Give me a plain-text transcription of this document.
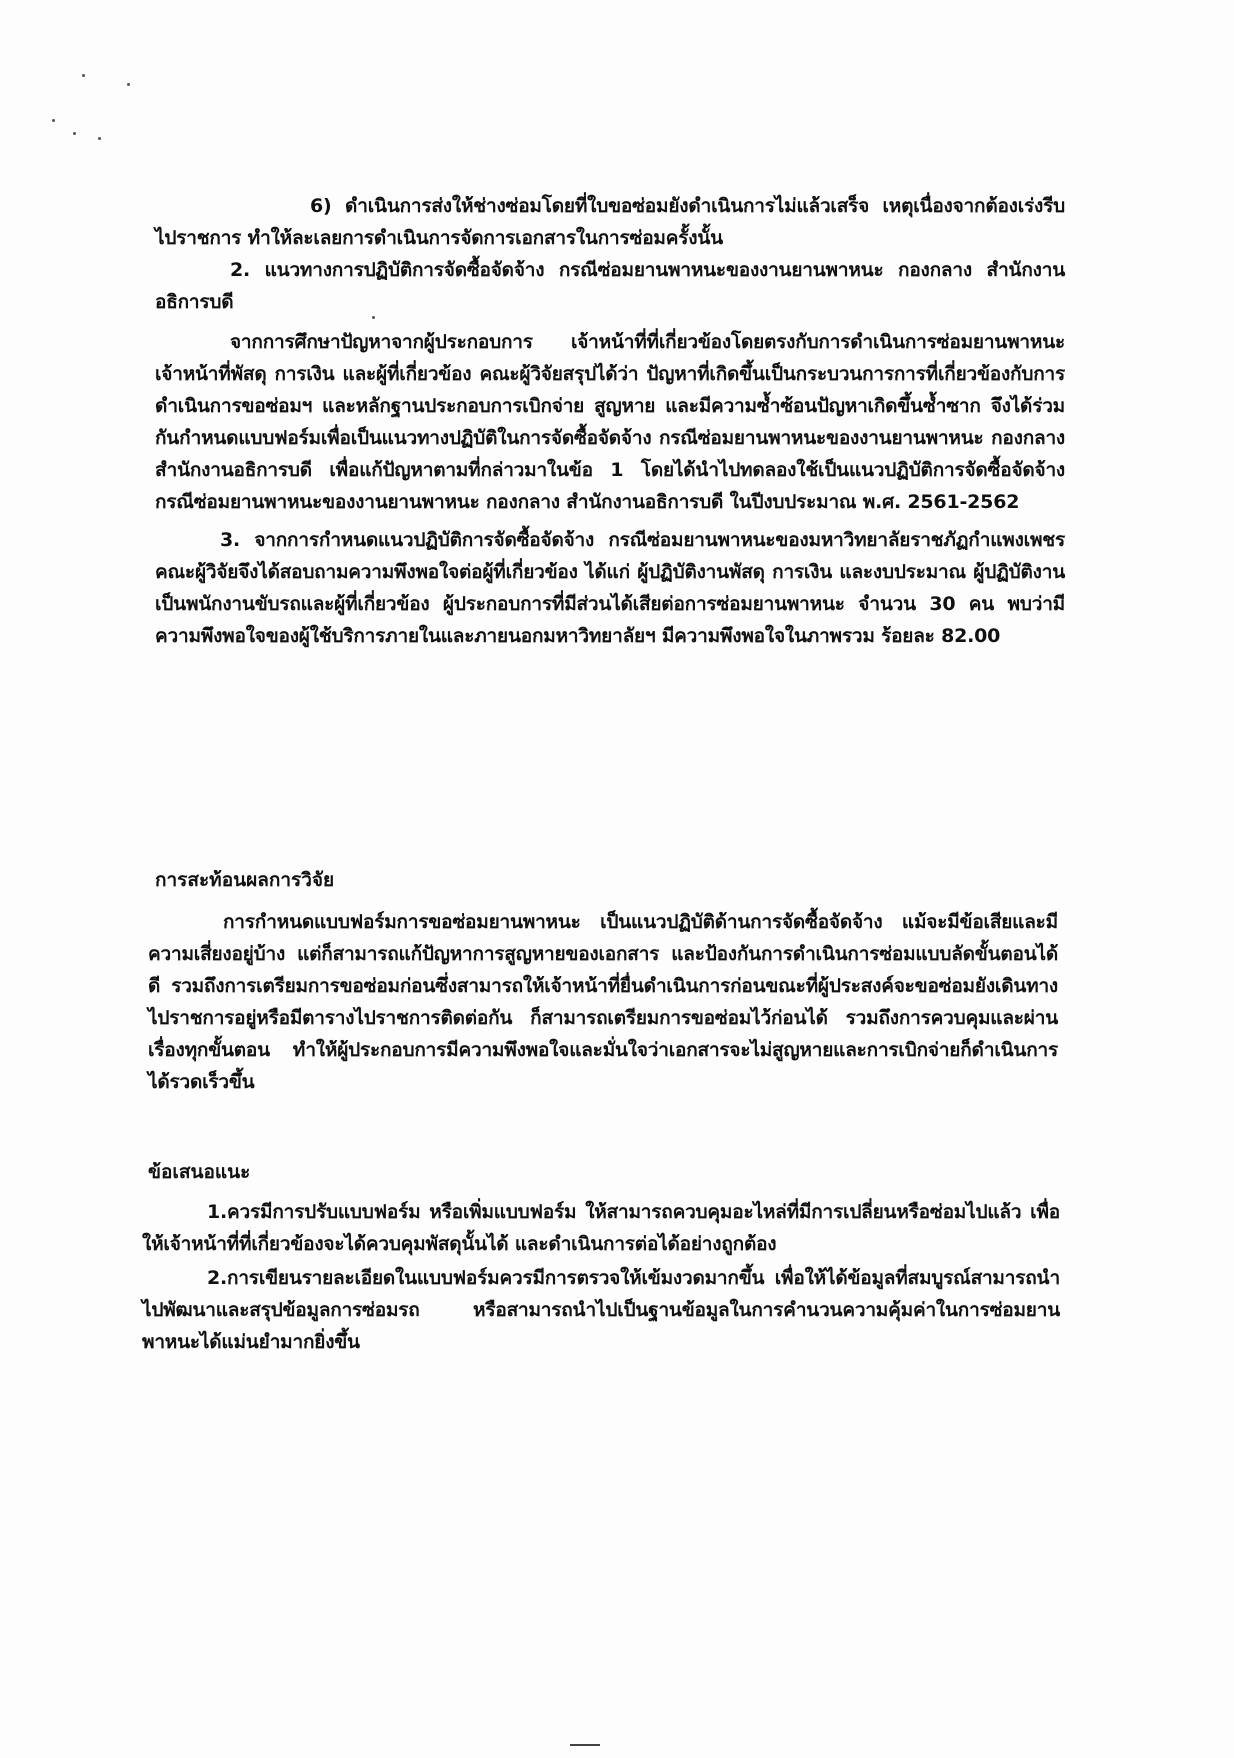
6) ดำเนินการส่งให้ช่างซ่อมโดยที่ใบขอซ่อมยังดำเนินการไม่แล้วเสร็จ เหตุเนื่องจากต้องเร่งรีบไปราชการ ทำให้ละเลยการดำเนินการจัดการเอกสารในการซ่อมครั้งนั้น

2. แนวทางการปฏิบัติการจัดซื้อจัดจ้าง กรณีซ่อมยานพาหนะของงานยานพาหนะ กองกลาง สำนักงานอธิการบดี

จากการศึกษาปัญหาจากผู้ประกอบการ เจ้าหน้าที่ที่เกี่ยวข้องโดยตรงกับการดำเนินการซ่อมยานพาหนะ เจ้าหน้าที่พัสดุ การเงิน และผู้ที่เกี่ยวข้อง คณะผู้วิจัยสรุปได้ว่า ปัญหาที่เกิดขึ้นเป็นกระบวนการการที่เกี่ยวข้องกับการดำเนินการขอซ่อมฯ และหลักฐานประกอบการเบิกจ่าย สูญหาย และมีความซ้ำซ้อนปัญหาเกิดขึ้นซ้ำซาก จึงได้ร่วมกันกำหนดแบบฟอร์มเพื่อเป็นแนวทางปฏิบัติในการจัดซื้อจัดจ้าง กรณีซ่อมยานพาหนะของงานยานพาหนะ กองกลาง สำนักงานอธิการบดี เพื่อแก้ปัญหาตามที่กล่าวมาในข้อ 1 โดยได้นำไปทดลองใช้เป็นแนวปฏิบัติการจัดซื้อจัดจ้าง กรณีซ่อมยานพาหนะของงานยานพาหนะ กองกลาง สำนักงานอธิการบดี ในปีงบประมาณ พ.ศ. 2561-2562

3. จากการกำหนดแนวปฏิบัติการจัดซื้อจัดจ้าง กรณีซ่อมยานพาหนะของมหาวิทยาลัยราชภัฏกำแพงเพชร คณะผู้วิจัยจึงได้สอบถามความพึงพอใจต่อผู้ที่เกี่ยวข้อง ได้แก่ ผู้ปฏิบัติงานพัสดุ การเงิน และงบประมาณ ผู้ปฏิบัติงานเป็นพนักงานขับรถและผู้ที่เกี่ยวข้อง ผู้ประกอบการที่มีส่วนได้เสียต่อการซ่อมยานพาหนะ จำนวน 30 คน พบว่ามีความพึงพอใจของผู้ใช้บริการภายในและภายนอกมหาวิทยาลัยฯ มีความพึงพอใจในภาพรวม ร้อยละ 82.00

การสะท้อนผลการวิจัย

การกำหนดแบบฟอร์มการขอซ่อมยานพาหนะ เป็นแนวปฏิบัติด้านการจัดซื้อจัดจ้าง แม้จะมีข้อเสียและมีความเสี่ยงอยู่บ้าง แต่ก็สามารถแก้ปัญหาการสูญหายของเอกสาร และป้องกันการดำเนินการซ่อมแบบลัดขั้นตอนได้ดี รวมถึงการเตรียมการขอซ่อมก่อนซึ่งสามารถให้เจ้าหน้าที่ยื่นดำเนินการก่อนขณะที่ผู้ประสงค์จะขอซ่อมยังเดินทางไปราชการอยู่หรือมีตารางไปราชการติดต่อกัน ก็สามารถเตรียมการขอซ่อมไว้ก่อนได้ รวมถึงการควบคุมและผ่านเรื่องทุกขั้นตอน ทำให้ผู้ประกอบการมีความพึงพอใจและมั่นใจว่าเอกสารจะไม่สูญหายและการเบิกจ่ายก็ดำเนินการได้รวดเร็วขึ้น

ข้อเสนอแนะ

1.ควรมีการปรับแบบฟอร์ม หรือเพิ่มแบบฟอร์ม ให้สามารถควบคุมอะไหล่ที่มีการเปลี่ยนหรือซ่อมไปแล้ว เพื่อให้เจ้าหน้าที่ที่เกี่ยวข้องจะได้ควบคุมพัสดุนั้นได้ และดำเนินการต่อได้อย่างถูกต้อง

2.การเขียนรายละเอียดในแบบฟอร์มควรมีการตรวจให้เข้มงวดมากขึ้น เพื่อให้ได้ข้อมูลที่สมบูรณ์สามารถนำไปพัฒนาและสรุปข้อมูลการซ่อมรถ หรือสามารถนำไปเป็นฐานข้อมูลในการคำนวนความคุ้มค่าในการซ่อมยานพาหนะได้แม่นยำมากยิ่งขึ้น
